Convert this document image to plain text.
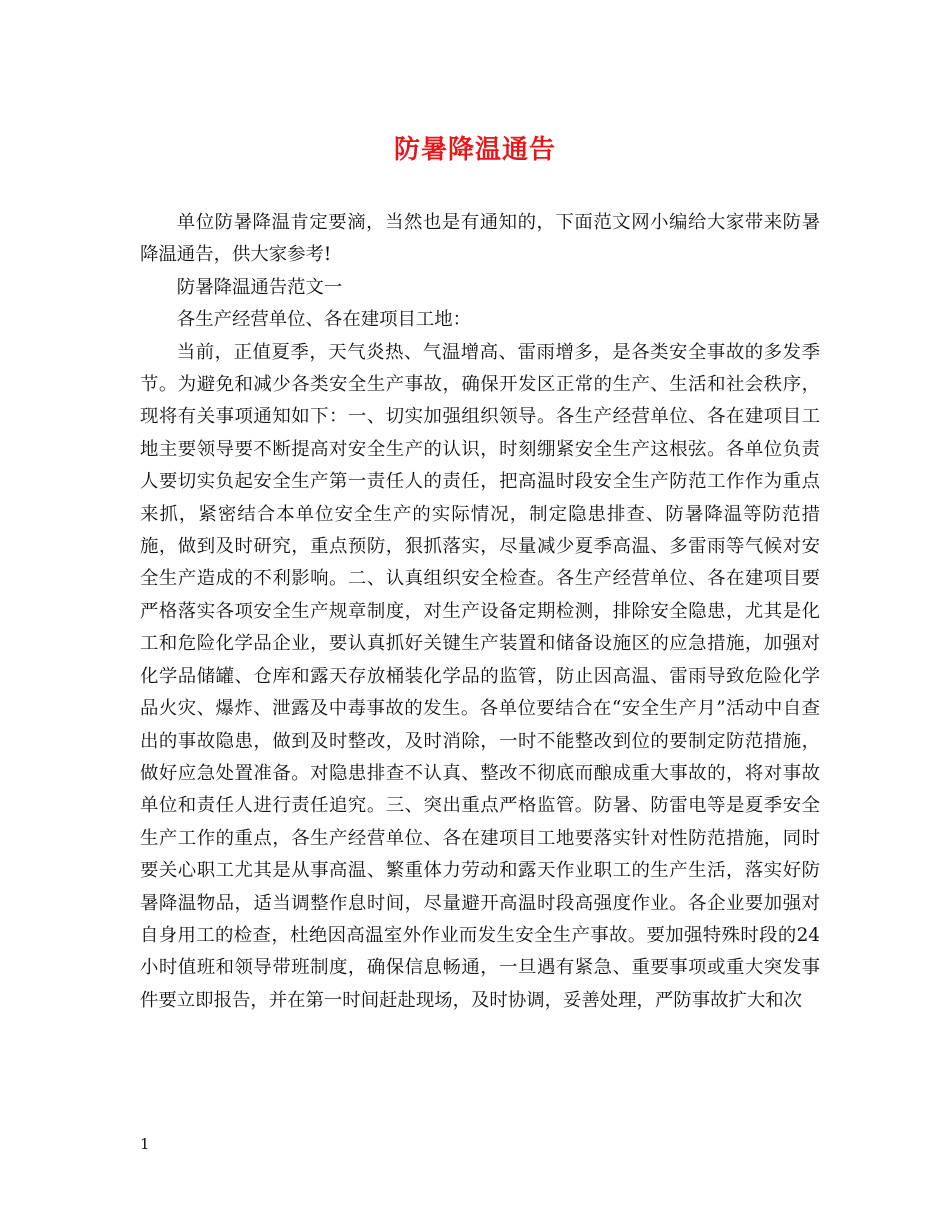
防暑降温通告

单位防暑降温肯定要滴，当然也是有通知的，下面范文网小编给大家带来防暑降温通告，供大家参考!

防暑降温通告范文一

各生产经营单位、各在建项目工地：

当前，正值夏季，天气炎热、气温增高、雷雨增多，是各类安全事故的多发季节。为避免和减少各类安全生产事故，确保开发区正常的生产、生活和社会秩序，现将有关事项通知如下：一、切实加强组织领导。各生产经营单位、各在建项目工地主要领导要不断提高对安全生产的认识，时刻绷紧安全生产这根弦。各单位负责人要切实负起安全生产第一责任人的责任，把高温时段安全生产防范工作作为重点来抓，紧密结合本单位安全生产的实际情况，制定隐患排查、防暑降温等防范措施，做到及时研究，重点预防，狠抓落实，尽量减少夏季高温、多雷雨等气候对安全生产造成的不利影响。二、认真组织安全检查。各生产经营单位、各在建项目要严格落实各项安全生产规章制度，对生产设备定期检测，排除安全隐患，尤其是化工和危险化学品企业，要认真抓好关键生产装置和储备设施区的应急措施，加强对化学品储罐、仓库和露天存放桶装化学品的监管，防止因高温、雷雨导致危险化学品火灾、爆炸、泄露及中毒事故的发生。各单位要结合在“安全生产月”活动中自查出的事故隐患，做到及时整改，及时消除，一时不能整改到位的要制定防范措施，做好应急处置准备。对隐患排查不认真、整改不彻底而酿成重大事故的，将对事故单位和责任人进行责任追究。三、突出重点严格监管。防暑、防雷电等是夏季安全生产工作的重点，各生产经营单位、各在建项目工地要落实针对性防范措施，同时要关心职工尤其是从事高温、繁重体力劳动和露天作业职工的生产生活，落实好防暑降温物品，适当调整作息时间，尽量避开高温时段高强度作业。各企业要加强对自身用工的检查，杜绝因高温室外作业而发生安全生产事故。要加强特殊时段的24小时值班和领导带班制度，确保信息畅通，一旦遇有紧急、重要事项或重大突发事件要立即报告，并在第一时间赶赴现场，及时协调，妥善处理，严防事故扩大和次

1
